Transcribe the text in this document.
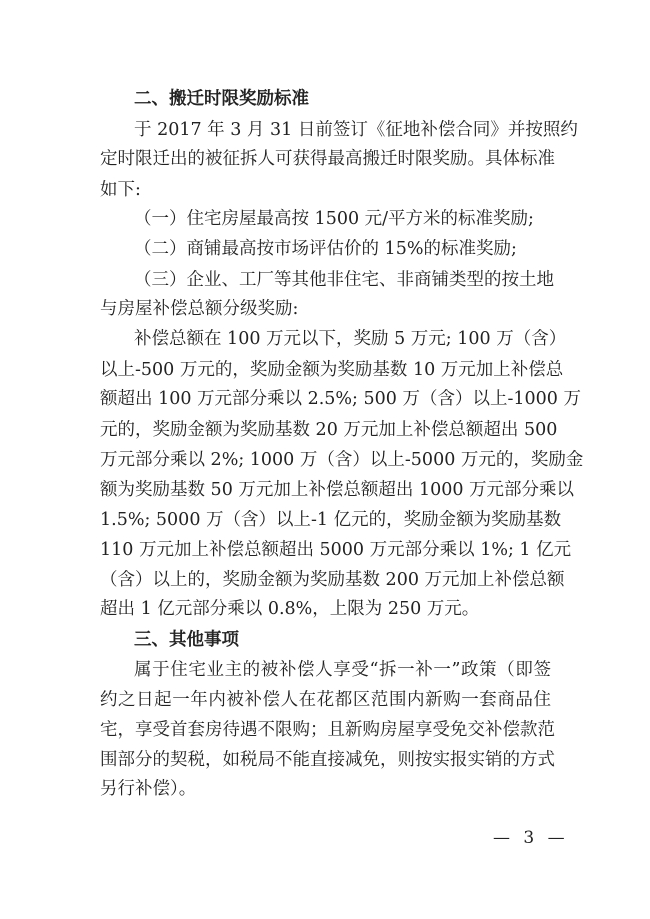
二、搬迁时限奖励标准
于 2017 年 3 月 31 日前签订《征地补偿合同》并按照约
定时限迁出的被征拆人可获得最高搬迁时限奖励。具体标准
如下:
（一）住宅房屋最高按 1500 元/平方米的标准奖励;
（二）商铺最高按市场评估价的 15%的标准奖励;
（三）企业、工厂等其他非住宅、非商铺类型的按土地
与房屋补偿总额分级奖励:
补偿总额在 100 万元以下，奖励 5 万元; 100 万（含）
以上-500 万元的，奖励金额为奖励基数 10 万元加上补偿总
额超出 100 万元部分乘以 2.5%; 500 万（含）以上-1000 万
元的，奖励金额为奖励基数 20 万元加上补偿总额超出 500
万元部分乘以 2%; 1000 万（含）以上-5000 万元的，奖励金
额为奖励基数 50 万元加上补偿总额超出 1000 万元部分乘以
1.5%; 5000 万（含）以上-1 亿元的，奖励金额为奖励基数
110 万元加上补偿总额超出 5000 万元部分乘以 1%; 1 亿元
（含）以上的，奖励金额为奖励基数 200 万元加上补偿总额
超出 1 亿元部分乘以 0.8%，上限为 250 万元。
三、其他事项
属于住宅业主的被补偿人享受“拆一补一”政策（即签
约之日起一年内被补偿人在花都区范围内新购一套商品住
宅，享受首套房待遇不限购；且新购房屋享受免交补偿款范
围部分的契税，如税局不能直接减免，则按实报实销的方式
另行补偿）。
— 3 —
